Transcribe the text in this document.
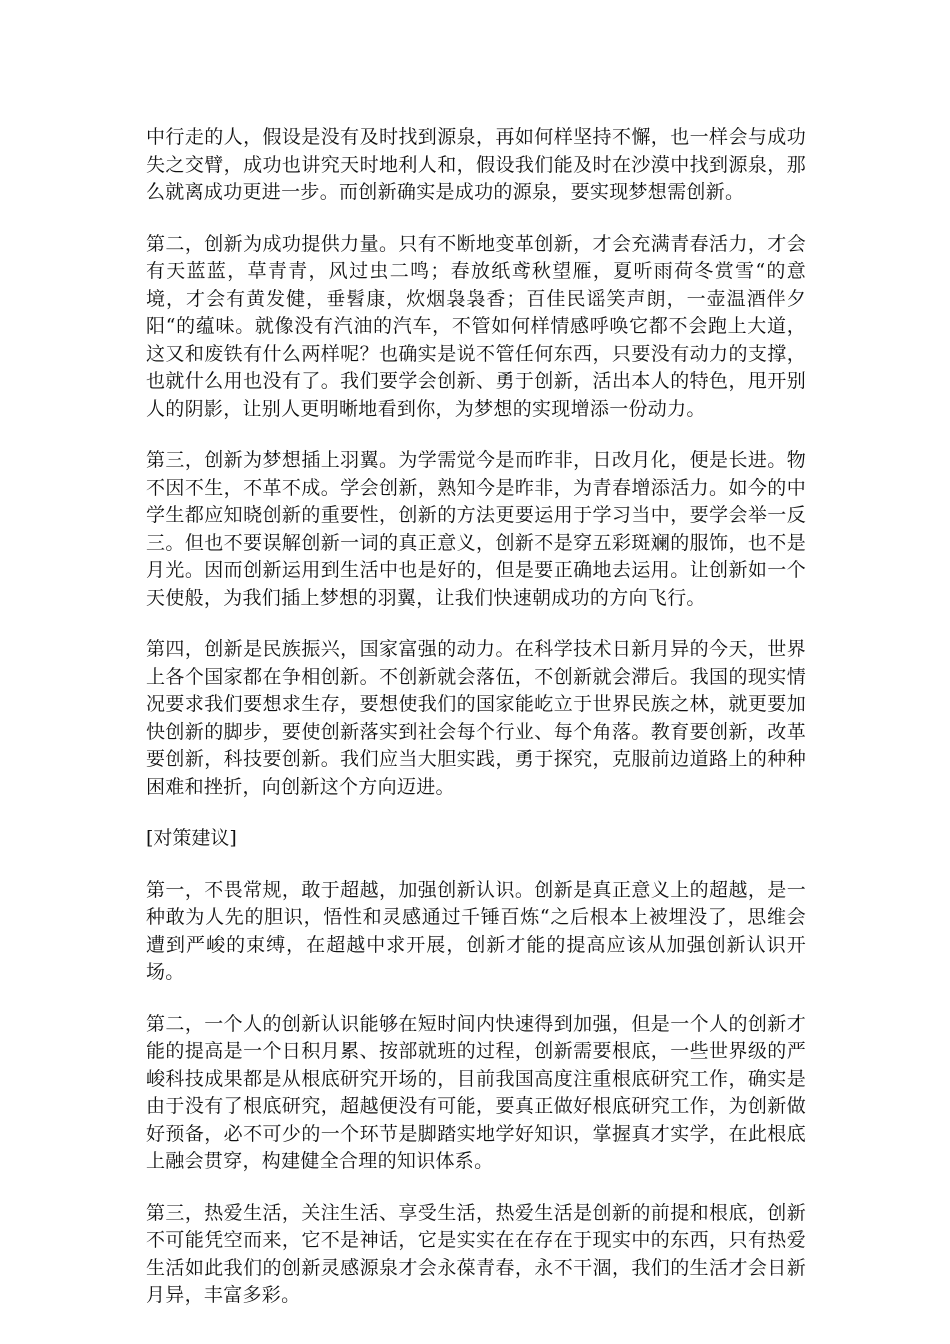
中行走的人，假设是没有及时找到源泉，再如何样坚持不懈，也一样会与成功失之交臂，成功也讲究天时地利人和，假设我们能及时在沙漠中找到源泉，那么就离成功更进一步。而创新确实是成功的源泉，要实现梦想需创新。

第二，创新为成功提供力量。只有不断地变革创新，才会充满青春活力，才会有天蓝蓝，草青青，风过虫二鸣；春放纸鸢秋望雁，夏听雨荷冬赏雪“的意境，才会有黄发健，垂髫康，炊烟袅袅香；百佳民谣笑声朗，一壶温酒伴夕阳“的蕴味。就像没有汽油的汽车，不管如何样情感呼唤它都不会跑上大道，这又和废铁有什么两样呢？也确实是说不管任何东西，只要没有动力的支撑，也就什么用也没有了。我们要学会创新、勇于创新，活出本人的特色，甩开别人的阴影，让别人更明晰地看到你，为梦想的实现增添一份动力。

第三，创新为梦想插上羽翼。为学需觉今是而昨非，日改月化，便是长进。物不因不生，不革不成。学会创新，熟知今是昨非，为青春增添活力。如今的中学生都应知晓创新的重要性，创新的方法更要运用于学习当中，要学会举一反三。但也不要误解创新一词的真正意义，创新不是穿五彩斑斓的服饰，也不是月光。因而创新运用到生活中也是好的，但是要正确地去运用。让创新如一个天使般，为我们插上梦想的羽翼，让我们快速朝成功的方向飞行。

第四，创新是民族振兴，国家富强的动力。在科学技术日新月异的今天，世界上各个国家都在争相创新。不创新就会落伍，不创新就会滞后。我国的现实情况要求我们要想求生存，要想使我们的国家能屹立于世界民族之林，就更要加快创新的脚步，要使创新落实到社会每个行业、每个角落。教育要创新，改革要创新，科技要创新。我们应当大胆实践，勇于探究，克服前边道路上的种种困难和挫折，向创新这个方向迈进。

[对策建议]

第一，不畏常规，敢于超越，加强创新认识。创新是真正意义上的超越，是一种敢为人先的胆识，悟性和灵感通过千锤百炼“之后根本上被埋没了，思维会遭到严峻的束缚，在超越中求开展，创新才能的提高应该从加强创新认识开场。

第二，一个人的创新认识能够在短时间内快速得到加强，但是一个人的创新才能的提高是一个日积月累、按部就班的过程，创新需要根底，一些世界级的严峻科技成果都是从根底研究开场的，目前我国高度注重根底研究工作，确实是由于没有了根底研究，超越便没有可能，要真正做好根底研究工作，为创新做好预备，必不可少的一个环节是脚踏实地学好知识，掌握真才实学，在此根底上融会贯穿，构建健全合理的知识体系。

第三，热爱生活，关注生活、享受生活，热爱生活是创新的前提和根底，创新不可能凭空而来，它不是神话，它是实实在在存在于现实中的东西，只有热爱生活如此我们的创新灵感源泉才会永葆青春，永不干涸，我们的生活才会日新月异，丰富多彩。
